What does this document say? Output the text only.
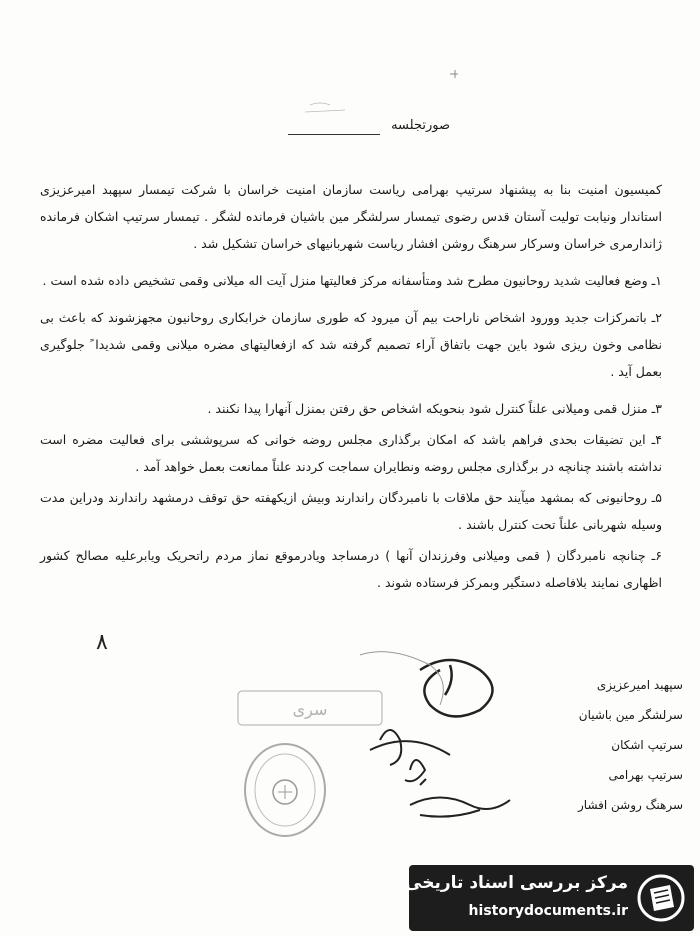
صورتجلسه

کمیسیون امنیت بنا به پیشنهاد سرتیپ بهرامی ریاست سازمان امنیت خراسان با شرکت تیمسار سپهبد امیرعزیزی استاندار ونیابت تولیت آستان قدس رضوی تیمسار سرلشگر مین باشیان فرمانده لشگر . تیمسار سرتیپ اشکان فرمانده ژاندارمری خراسان وسرکار سرهنگ روشن افشار ریاست شهربانیهای خراسان تشکیل شد .

۱ـ وضع فعالیت شدید روحانیون مطرح شد ومتأسفانه مرکز فعالیتها منزل آیت اله میلانی وقمی تشخیص داده شده است .

۲ـ باتمرکزات جدید وورود اشخاص ناراحت بیم آن میرود که طوری سازمان خرابکاری روحانیون مجهزشوند که باعث بی نظامی وخون ریزی شود باین جهت باتفاق آراء تصمیم گرفته شد که ازفعالیتهای مضره میلانی وقمی شدیدا ً جلوگیری بعمل آید .

۳ـ منزل قمی ومیلانی علناً کنترل شود بنحویکه اشخاص حق رفتن بمنزل آنهارا پیدا نکنند .

۴ـ این تضیقات بحدی فراهم باشد که امکان برگذاری مجلس روضه خوانی که سرپوششی برای فعالیت مضره است نداشته باشند چنانچه در برگذاری مجلس روضه ونطایران سماجت کردند علناً ممانعت بعمل خواهد آمد .

۵ـ روحانیونی که بمشهد میآیند حق ملاقات با نامبردگان راندارند وبیش ازیکهفته حق توقف درمشهد راندارند ودراین مدت وسیله شهربانی علناً تحت کنترل باشند .

۶ـ چنانچه نامبردگان ( قمی ومیلانی وفرزندان آنها ) درمساجد ویادرموقع نماز مردم راتحریک ویابرعلیه مصالح کشور اظهاری نمایند بلافاصله دستگیر وبمرکز فرستاده شوند .

۸
سری
سپهبد امیرعزیزی
سرلشگر مین باشیان
سرتیپ اشکان
سرتیپ بهرامی
سرهنگ روشن افشار
مرکز بررسی اسناد تاریخی
historydocuments.ir
